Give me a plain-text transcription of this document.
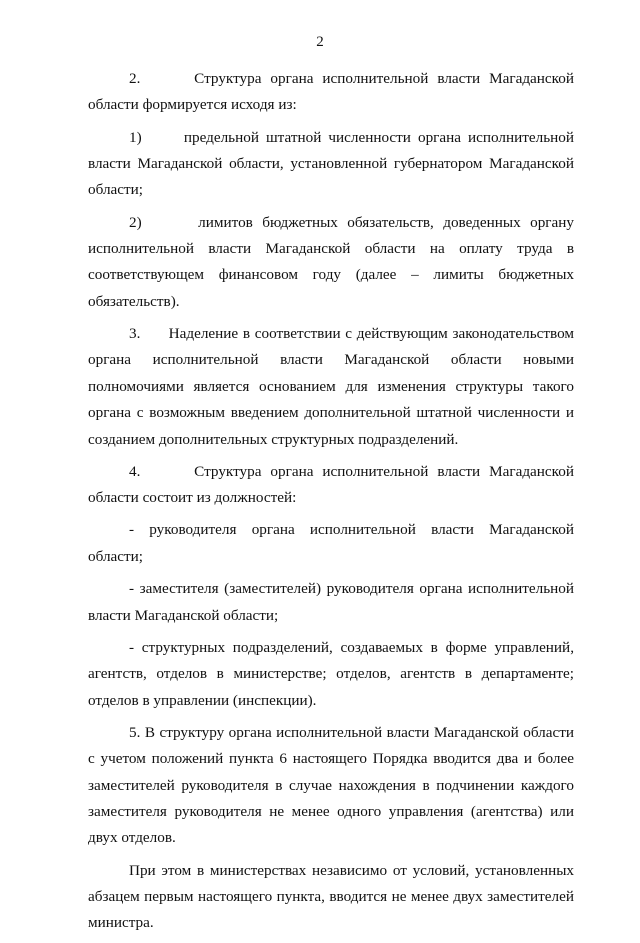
2

2.      Структура органа исполнительной власти Магаданской области формируется исходя из:

1)      предельной штатной численности органа исполнительной власти Магаданской области, установленной губернатором Магаданской области;

2)      лимитов бюджетных обязательств, доведенных органу исполнительной власти Магаданской области на оплату труда в соответствующем финансовом году (далее – лимиты бюджетных обязательств).

3.      Наделение в соответствии с действующим законодательством органа исполнительной власти Магаданской области новыми полномочиями является основанием для изменения структуры такого органа с возможным введением дополнительной штатной численности и созданием дополнительных структурных подразделений.

4.      Структура органа исполнительной власти Магаданской области состоит из должностей:

- руководителя органа исполнительной власти Магаданской области;

- заместителя (заместителей) руководителя органа исполнительной власти Магаданской области;

- структурных подразделений, создаваемых в форме управлений, агентств, отделов в министерстве; отделов, агентств в департаменте; отделов в управлении (инспекции).

5. В структуру органа исполнительной власти Магаданской области с учетом положений пункта 6 настоящего Порядка вводится два и более заместителей руководителя в случае нахождения в подчинении каждого заместителя руководителя не менее одного управления (агентства) или двух отделов.

При этом в министерствах независимо от условий, установленных абзацем первым настоящего пункта, вводится не менее двух заместителей министра.
